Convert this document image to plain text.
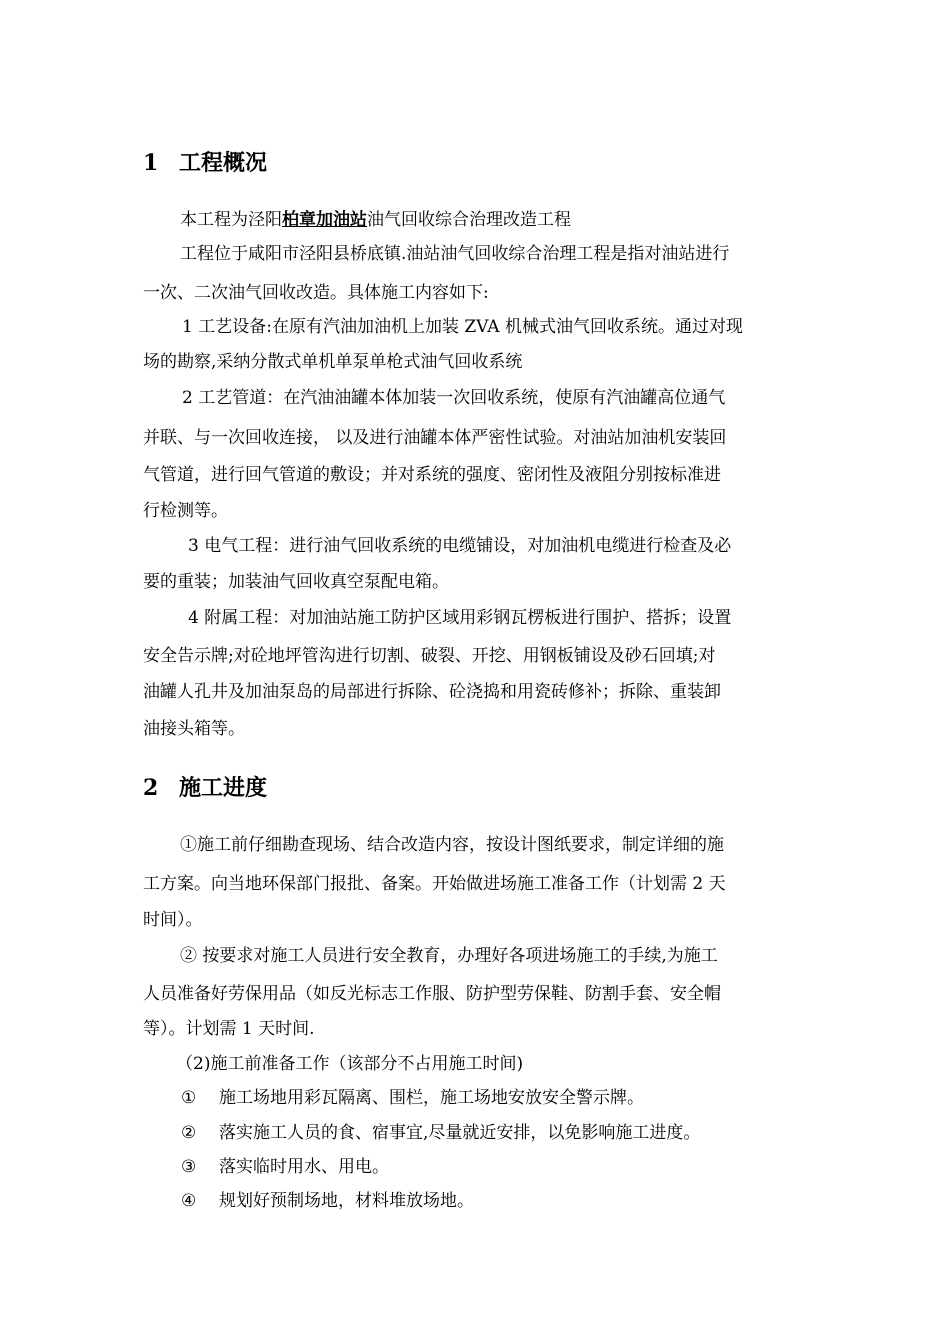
1 工程概况
本工程为泾阳柏章加油站油气回收综合治理改造工程
工程位于咸阳市泾阳县桥底镇.油站油气回收综合治理工程是指对油站进行
一次、二次油气回收改造。具体施工内容如下:
1 工艺设备:在原有汽油加油机上加装 ZVA 机械式油气回收系统。通过对现
场的勘察,采纳分散式单机单泵单枪式油气回收系统
2 工艺管道：在汽油油罐本体加装一次回收系统，使原有汽油罐高位通气
并联、与一次回收连接， 以及进行油罐本体严密性试验。对油站加油机安装回
气管道，进行回气管道的敷设；并对系统的强度、密闭性及液阻分别按标准进
行检测等。
3 电气工程：进行油气回收系统的电缆铺设，对加油机电缆进行检查及必
要的重装；加装油气回收真空泵配电箱。
4 附属工程：对加油站施工防护区域用彩钢瓦楞板进行围护、搭拆；设置
安全告示牌;对砼地坪管沟进行切割、破裂、开挖、用钢板铺设及砂石回填;对
油罐人孔井及加油泵岛的局部进行拆除、砼浇捣和用瓷砖修补；拆除、重装卸
油接头箱等。
2 施工进度
①施工前仔细勘查现场、结合改造内容，按设计图纸要求，制定详细的施
工方案。向当地环保部门报批、备案。开始做进场施工准备工作（计划需 2 天
时间）。
② 按要求对施工人员进行安全教育，办理好各项进场施工的手续,为施工
人员准备好劳保用品（如反光标志工作服、防护型劳保鞋、防割手套、安全帽
等）。计划需 1 天时间.
（2)施工前准备工作（该部分不占用施工时间)
① 施工场地用彩瓦隔离、围栏，施工场地安放安全警示牌。
② 落实施工人员的食、宿事宜,尽量就近安排，以免影响施工进度。
③ 落实临时用水、用电。
④ 规划好预制场地，材料堆放场地。
